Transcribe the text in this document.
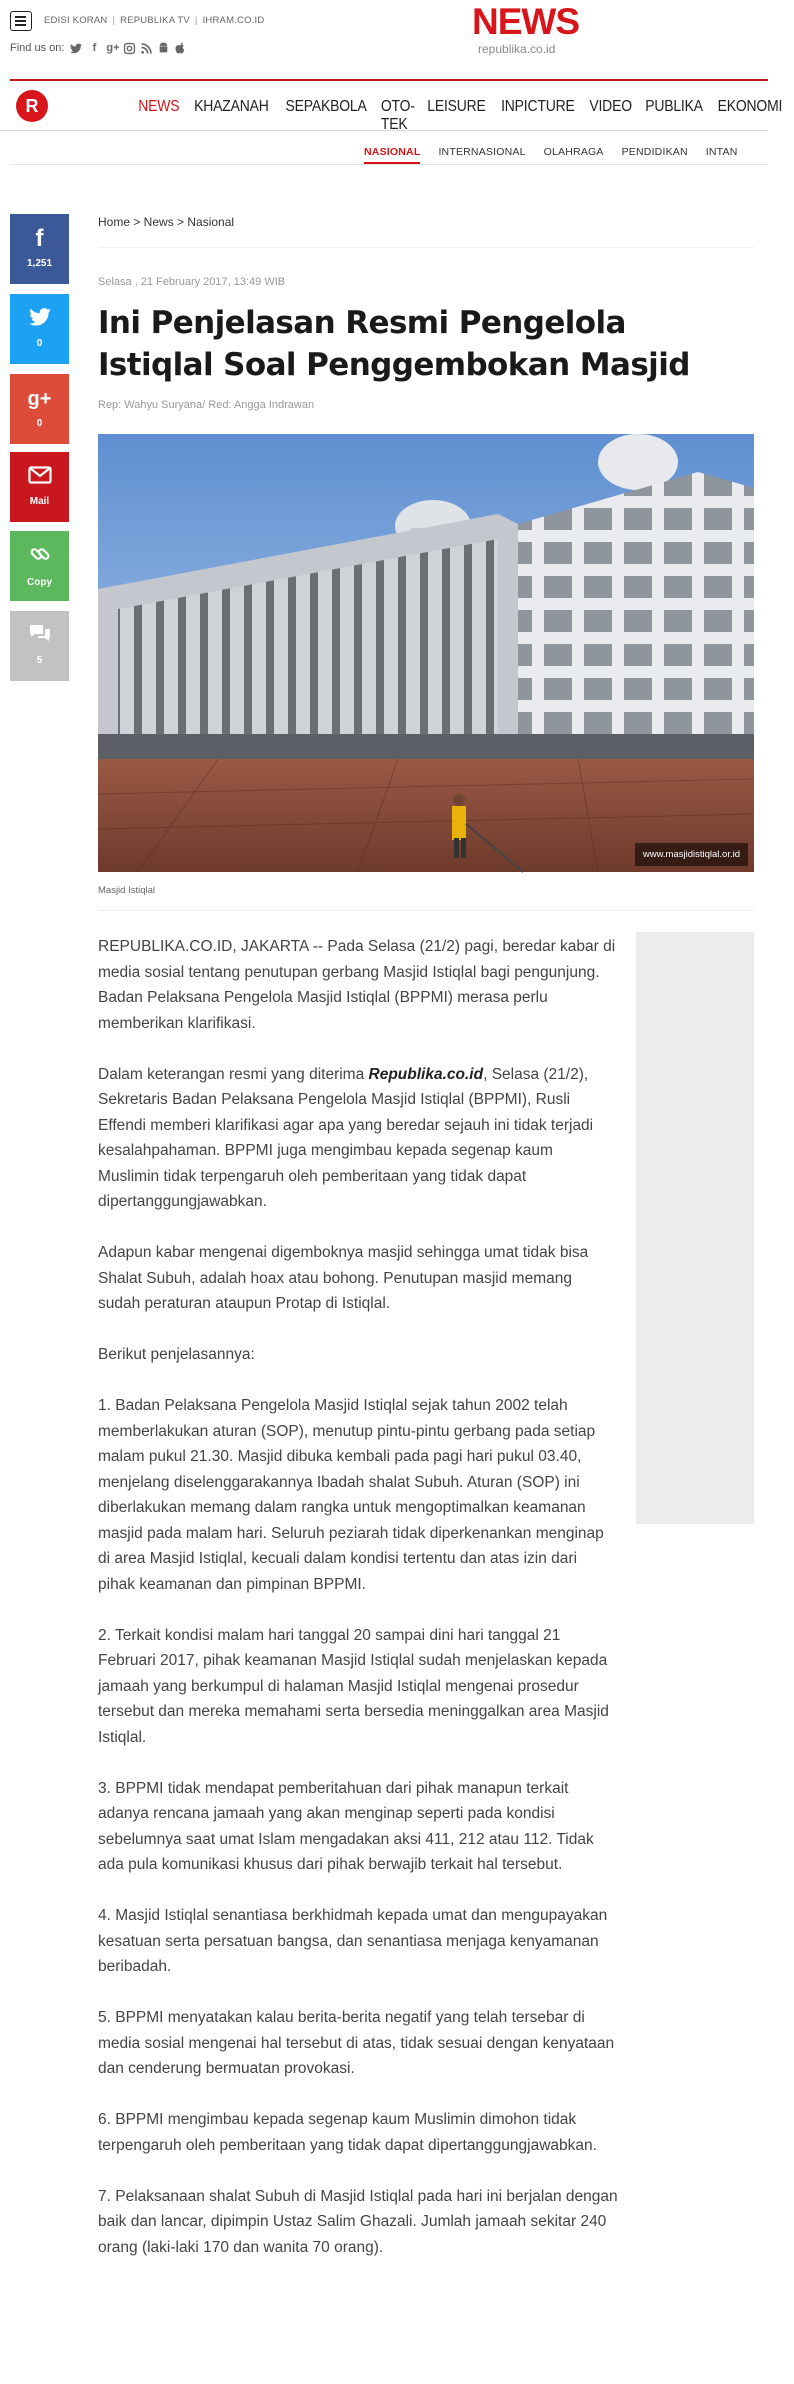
EDISI KORAN | REPUBLIKA TV | IHRAM.CO.ID
Find us on:	f g+
NEWS
republika.co.id
R	NEWS KHAZANAH SEPAKBOLA OTO-TEK
LEISURE INPICTURE VIDEO PUBLIKA EKONOMI
NASIONAL INTERNASIONAL OLAHRAGA PENDIDIKAN INTAN
f
1,251
0
g+
0
Mail
Copy
5
Home > News > Nasional
Selasa , 21 February 2017, 13:49 WIB
Ini Penjelasan Resmi Pengelola Istiqlal Soal Penggembokan Masjid
Rep: Wahyu Suryana/ Red: Angga Indrawan
www.masjidistiqlal.or.id
Masjid Istiqlal

REPUBLIKA.CO.ID, JAKARTA -- Pada Selasa (21/2) pagi, beredar kabar di media sosial tentang penutupan gerbang Masjid Istiqlal bagi pengunjung. Badan Pelaksana Pengelola Masjid Istiqlal (BPPMI) merasa perlu memberikan klarifikasi.

Dalam keterangan resmi yang diterima Republika.co.id, Selasa (21/2), Sekretaris Badan Pelaksana Pengelola Masjid Istiqlal (BPPMI), Rusli Effendi memberi klarifikasi agar apa yang beredar sejauh ini tidak terjadi kesalahpahaman. BPPMI juga mengimbau kepada segenap kaum Muslimin tidak terpengaruh oleh pemberitaan yang tidak dapat dipertanggungjawabkan.

Adapun kabar mengenai digemboknya masjid sehingga umat tidak bisa Shalat Subuh, adalah hoax atau bohong. Penutupan masjid memang sudah peraturan ataupun Protap di Istiqlal.

Berikut penjelasannya:

1. Badan Pelaksana Pengelola Masjid Istiqlal sejak tahun 2002 telah memberlakukan aturan (SOP), menutup pintu-pintu gerbang pada setiap malam pukul 21.30. Masjid dibuka kembali pada pagi hari pukul 03.40, menjelang diselenggarakannya Ibadah shalat Subuh. Aturan (SOP) ini diberlakukan memang dalam rangka untuk mengoptimalkan keamanan masjid pada malam hari. Seluruh peziarah tidak diperkenankan menginap di area Masjid Istiqlal, kecuali dalam kondisi tertentu dan atas izin dari pihak keamanan dan pimpinan BPPMI.

2. Terkait kondisi malam hari tanggal 20 sampai dini hari tanggal 21 Februari 2017, pihak keamanan Masjid Istiqlal sudah menjelaskan kepada jamaah yang berkumpul di halaman Masjid Istiqlal mengenai prosedur tersebut dan mereka memahami serta bersedia meninggalkan area Masjid Istiqlal.

3. BPPMI tidak mendapat pemberitahuan dari pihak manapun terkait adanya rencana jamaah yang akan menginap seperti pada kondisi sebelumnya saat umat Islam mengadakan aksi 411, 212 atau 112. Tidak ada pula komunikasi khusus dari pihak berwajib terkait hal tersebut.

4. Masjid Istiqlal senantiasa berkhidmah kepada umat dan mengupayakan kesatuan serta persatuan bangsa, dan senantiasa menjaga kenyamanan beribadah.

5. BPPMI menyatakan kalau berita-berita negatif yang telah tersebar di media sosial mengenai hal tersebut di atas, tidak sesuai dengan kenyataan dan cenderung bermuatan provokasi.

6. BPPMI mengimbau kepada segenap kaum Muslimin dimohon tidak terpengaruh oleh pemberitaan yang tidak dapat dipertanggungjawabkan.

7. Pelaksanaan shalat Subuh di Masjid Istiqlal pada hari ini berjalan dengan baik dan lancar, dipimpin Ustaz Salim Ghazali. Jumlah jamaah sekitar 240 orang (laki-laki 170 dan wanita 70 orang).
